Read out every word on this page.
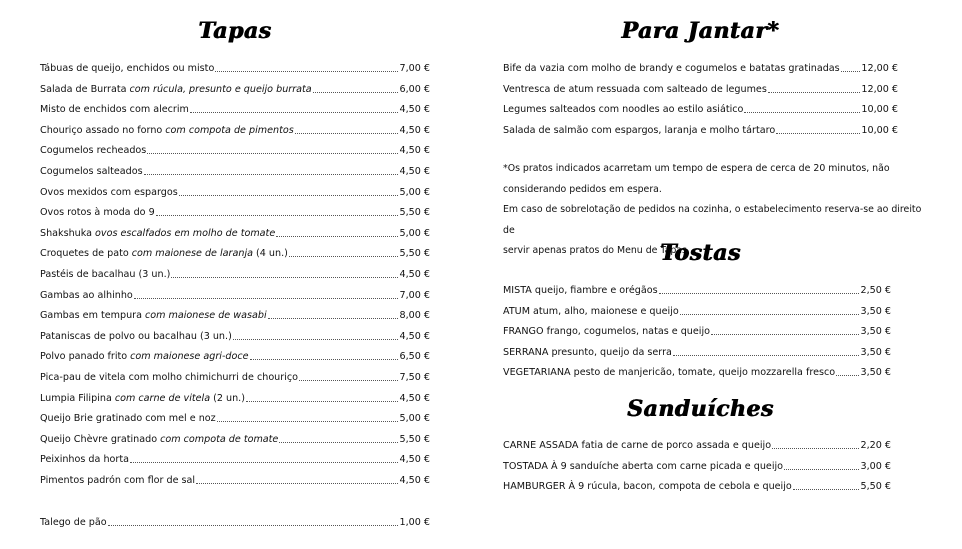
Tapas
Tábuas de queijo, enchidos ou misto	7,00 €
Salada de Burrata com rúcula, presunto e queijo burrata	6,00 €
Misto de enchidos com alecrim	4,50 €
Chouriço assado no forno com compota de pimentos	4,50 €
Cogumelos recheados	4,50 €
Cogumelos salteados	4,50 €
Ovos mexidos com espargos	5,00 €
Ovos rotos à moda do 9	5,50 €
Shakshuka ovos escalfados em molho de tomate	5,00 €
Croquetes de pato com maionese de laranja (4 un.)	5,50 €
Pastéis de bacalhau (3 un.)	4,50 €
Gambas ao alhinho	7,00 €
Gambas em tempura com maionese de wasabi	8,00 €
Pataniscas de polvo ou bacalhau (3 un.)	4,50 €
Polvo panado frito com maionese agri-doce	6,50 €
Pica-pau de vitela com molho chimichurri de chouriço	7,50 €
Lumpia Filipina com carne de vitela (2 un.)	4,50 €
Queijo Brie gratinado com mel e noz	5,00 €
Queijo Chèvre gratinado com compota de tomate	5,50 €
Peixinhos da horta	4,50 €
Pimentos padrón com flor de sal	4,50 €
Talego de pão	1,00 €
Para Jantar*
Bife da vazia com molho de brandy e cogumelos e batatas gratinadas 12,00 €
Ventresca de atum ressuada com salteado de legumes	12,00 €
Legumes salteados com noodles ao estilo asiático	10,00 €
Salada de salmão com espargos, laranja e molho tártaro	10,00 €
*Os pratos indicados acarretam um tempo de espera de cerca de 20 minutos, não
considerando pedidos em espera.
Em caso de sobrelotação de pedidos na cozinha, o estabelecimento reserva-se ao direito de
servir apenas pratos do Menu de Tapas.
Tostas
MISTA queijo, fiambre e orégãos	2,50 €
ATUM atum, alho, maionese e queijo	3,50 €
FRANGO frango, cogumelos, natas e queijo	3,50 €
SERRANA presunto, queijo da serra	3,50 €
VEGETARIANA pesto de manjericão, tomate, queijo mozzarella fresco	3,50 €
Sanduíches
CARNE ASSADA fatia de carne de porco assada e queijo	2,20 €
TOSTADA À 9 sanduíche aberta com carne picada e queijo	3,00 €
HAMBURGER À 9 rúcula, bacon, compota de cebola e queijo	5,50 €
